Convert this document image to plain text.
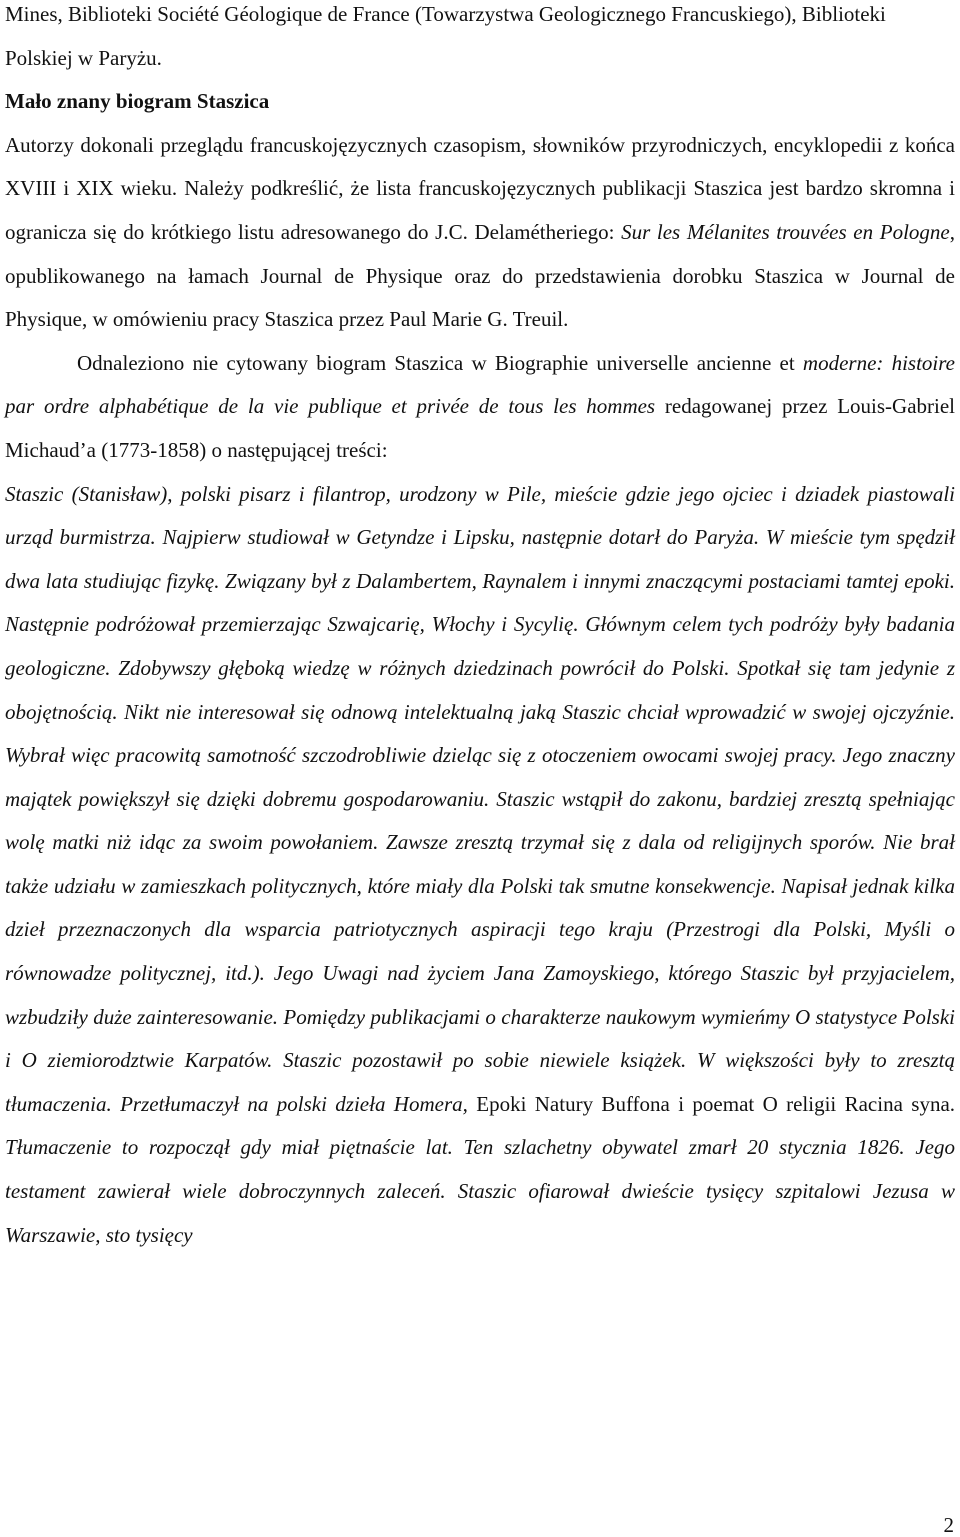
Mines, Biblioteki Société Géologique de France (Towarzystwa Geologicznego Francuskiego), Biblioteki Polskiej w Paryżu.

Mało znany biogram Staszica

Autorzy dokonali przeglądu francuskojęzycznych czasopism, słowników przyrodniczych, encyklopedii z końca XVIII i XIX wieku. Należy podkreślić, że lista francuskojęzycznych publikacji Staszica jest bardzo skromna i ogranicza się do krótkiego listu adresowanego do J.C. Delamétheriego: Sur les Mélanites trouvées en Pologne, opublikowanego na łamach Journal de Physique oraz do przedstawienia dorobku Staszica w Journal de Physique, w omówieniu pracy Staszica przez Paul Marie G. Treuil.

Odnaleziono nie cytowany biogram Staszica w Biographie universelle ancienne et moderne: histoire par ordre alphabétique de la vie publique et privée de tous les hommes redagowanej przez Louis-Gabriel Michaud’a (1773-1858) o następującej treści:

Staszic (Stanisław), polski pisarz i filantrop, urodzony w Pile, mieście gdzie jego ojciec i dziadek piastowali urząd burmistrza. Najpierw studiował w Getyndze i Lipsku, następnie dotarł do Paryża. W mieście tym spędził dwa lata studiując fizykę. Związany był z Dalambertem, Raynalem i innymi znaczącymi postaciami tamtej epoki. Następnie podróżował przemierzając Szwajcarię, Włochy i Sycylię. Głównym celem tych podróży były badania geologiczne. Zdobywszy głęboką wiedzę w różnych dziedzinach powrócił do Polski. Spotkał się tam jedynie z obojętnością. Nikt nie interesował się odnową intelektualną jaką Staszic chciał wprowadzić w swojej ojczyźnie. Wybrał więc pracowitą samotność szczodrobliwie dzieląc się z otoczeniem owocami swojej pracy. Jego znaczny majątek powiększył się dzięki dobremu gospodarowaniu. Staszic wstąpił do zakonu, bardziej zresztą spełniając wolę matki niż idąc za swoim powołaniem. Zawsze zresztą trzymał się z dala od religijnych sporów. Nie brał także udziału w zamieszkach politycznych, które miały dla Polski tak smutne konsekwencje. Napisał jednak kilka dzieł przeznaczonych dla wsparcia patriotycznych aspiracji tego kraju (Przestrogi dla Polski, Myśli o równowadze politycznej, itd.). Jego Uwagi nad życiem Jana Zamoyskiego, którego Staszic był przyjacielem, wzbudziły duże zainteresowanie. Pomiędzy publikacjami o charakterze naukowym wymieńmy O statystyce Polski i O ziemiorodztwie Karpatów. Staszic pozostawił po sobie niewiele książek. W większości były to zresztą tłumaczenia. Przetłumaczył na polski dzieła Homera, Epoki Natury Buffona i poemat O religii Racina syna. Tłumaczenie to rozpoczął gdy miał piętnaście lat. Ten szlachetny obywatel zmarł 20 stycznia 1826. Jego testament zawierał wiele dobroczynnych zaleceń. Staszic ofiarował dwieście tysięcy szpitalowi Jezusa w Warszawie, sto tysięcy

2
